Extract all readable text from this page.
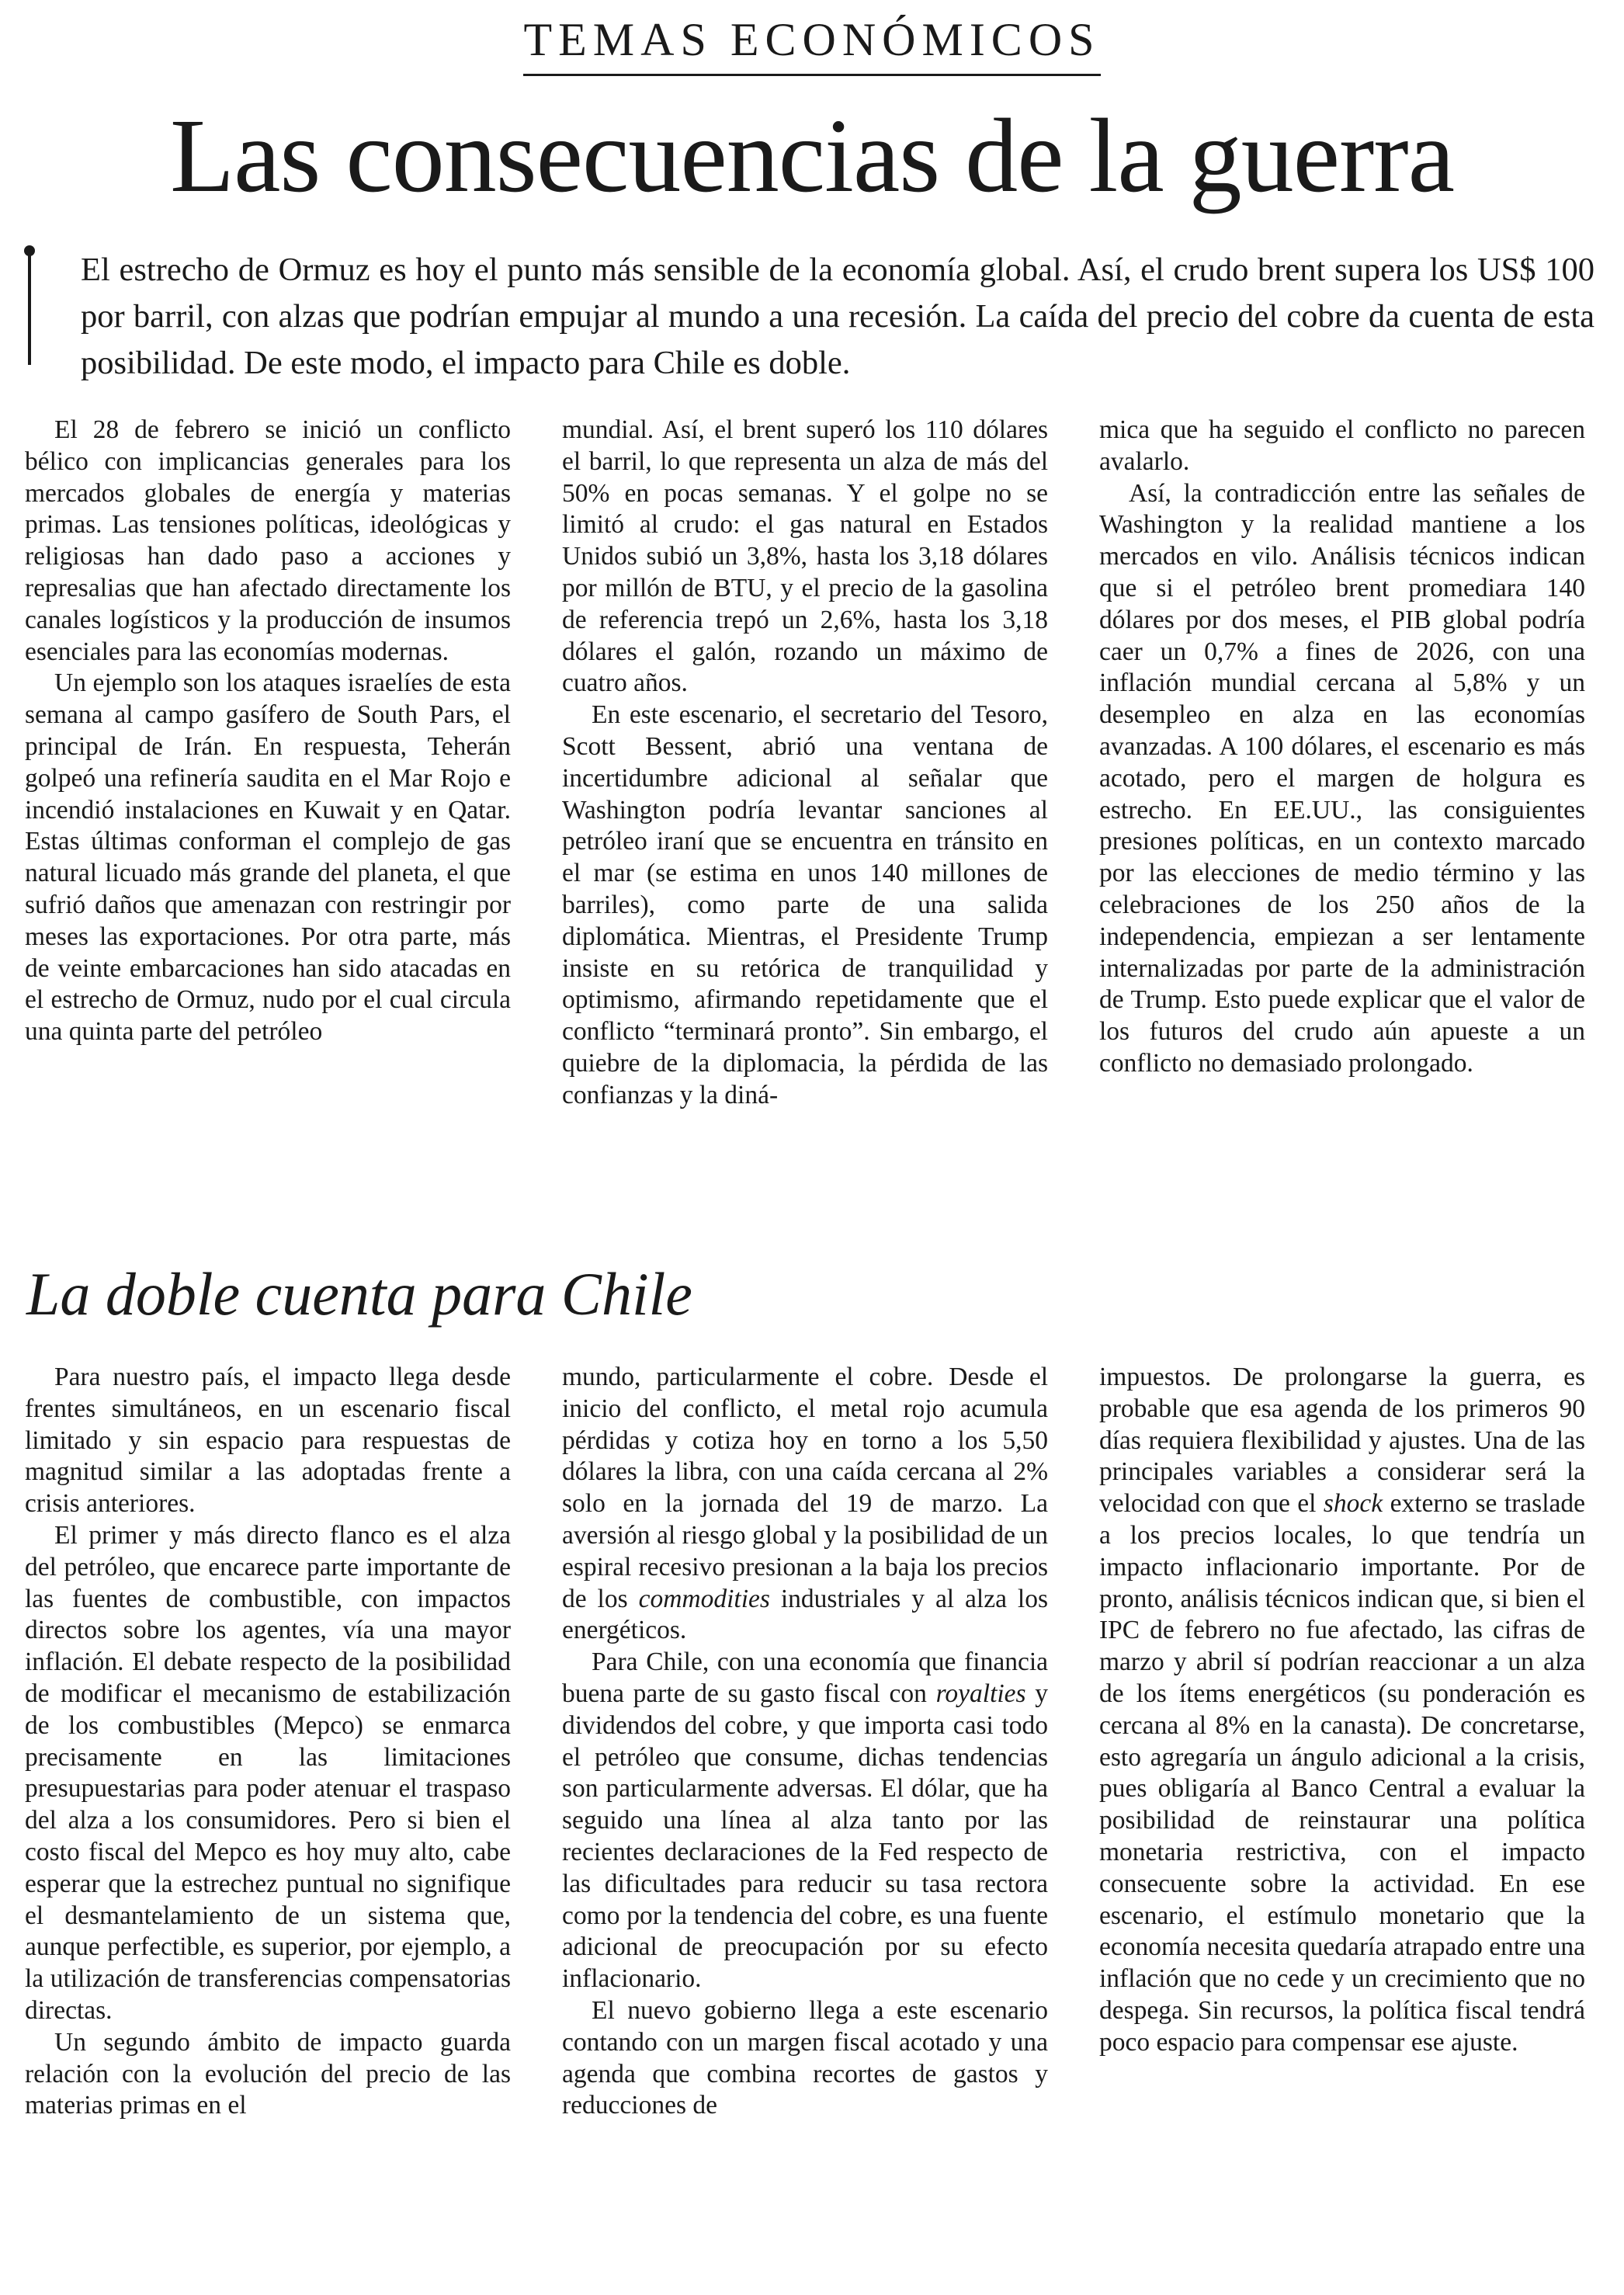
TEMAS ECONÓMICOS
Las consecuencias de la guerra

El estrecho de Ormuz es hoy el punto más sensible de la economía global. Así, el crudo brent supera los US$ 100 por barril, con alzas que podrían empujar al mundo a una recesión. La caída del precio del cobre da cuenta de esta posibilidad. De este modo, el impacto para Chile es doble.

El 28 de febrero se inició un conflicto bélico con implicancias generales para los mercados globales de energía y materias primas. Las tensiones políticas, ideológicas y religiosas han dado paso a acciones y represalias que han afectado directamente los canales logísticos y la producción de insumos esenciales para las economías modernas.

Un ejemplo son los ataques israelíes de esta semana al campo gasífero de South Pars, el principal de Irán. En respuesta, Teherán golpeó una refinería saudita en el Mar Rojo e incendió instalaciones en Kuwait y en Qatar. Estas últimas conforman el complejo de gas natural licuado más grande del planeta, el que sufrió daños que amenazan con restringir por meses las exportaciones. Por otra parte, más de veinte embarcaciones han sido atacadas en el estrecho de Ormuz, nudo por el cual circula una quinta parte del petróleo

mundial. Así, el brent superó los 110 dólares el barril, lo que representa un alza de más del 50% en pocas semanas. Y el golpe no se limitó al crudo: el gas natural en Estados Unidos subió un 3,8%, hasta los 3,18 dólares por millón de BTU, y el precio de la gasolina de referencia trepó un 2,6%, hasta los 3,18 dólares el galón, rozando un máximo de cuatro años.

En este escenario, el secretario del Tesoro, Scott Bessent, abrió una ventana de incertidumbre adicional al señalar que Washington podría levantar sanciones al petróleo iraní que se encuentra en tránsito en el mar (se estima en unos 140 millones de barriles), como parte de una salida diplomática. Mientras, el Presidente Trump insiste en su retórica de tranquilidad y optimismo, afirmando repetidamente que el conflicto “terminará pronto”. Sin embargo, el quiebre de la diplomacia, la pérdida de las confianzas y la diná-

mica que ha seguido el conflicto no parecen avalarlo.

Así, la contradicción entre las señales de Washington y la realidad mantiene a los mercados en vilo. Análisis técnicos indican que si el petróleo brent promediara 140 dólares por dos meses, el PIB global podría caer un 0,7% a fines de 2026, con una inflación mundial cercana al 5,8% y un desempleo en alza en las economías avanzadas. A 100 dólares, el escenario es más acotado, pero el margen de holgura es estrecho. En EE.UU., las consiguientes presiones políticas, en un contexto marcado por las elecciones de medio término y las celebraciones de los 250 años de la independencia, empiezan a ser lentamente internalizadas por parte de la administración de Trump. Esto puede explicar que el valor de los futuros del crudo aún apueste a un conflicto no demasiado prolongado.

La doble cuenta para Chile

Para nuestro país, el impacto llega desde frentes simultáneos, en un escenario fiscal limitado y sin espacio para respuestas de magnitud similar a las adoptadas frente a crisis anteriores.

El primer y más directo flanco es el alza del petróleo, que encarece parte importante de las fuentes de combustible, con impactos directos sobre los agentes, vía una mayor inflación. El debate respecto de la posibilidad de modificar el mecanismo de estabilización de los combustibles (Mepco) se enmarca precisamente en las limitaciones presupuestarias para poder atenuar el traspaso del alza a los consumidores. Pero si bien el costo fiscal del Mepco es hoy muy alto, cabe esperar que la estrechez puntual no signifique el desmantelamiento de un sistema que, aunque perfectible, es superior, por ejemplo, a la utilización de transferencias compensatorias directas.

Un segundo ámbito de impacto guarda relación con la evolución del precio de las materias primas en el

mundo, particularmente el cobre. Desde el inicio del conflicto, el metal rojo acumula pérdidas y cotiza hoy en torno a los 5,50 dólares la libra, con una caída cercana al 2% solo en la jornada del 19 de marzo. La aversión al riesgo global y la posibilidad de un espiral recesivo presionan a la baja los precios de los commodities industriales y al alza los energéticos.

Para Chile, con una economía que financia buena parte de su gasto fiscal con royalties y dividendos del cobre, y que importa casi todo el petróleo que consume, dichas tendencias son particularmente adversas. El dólar, que ha seguido una línea al alza tanto por las recientes declaraciones de la Fed respecto de las dificultades para reducir su tasa rectora como por la tendencia del cobre, es una fuente adicional de preocupación por su efecto inflacionario.

El nuevo gobierno llega a este escenario contando con un margen fiscal acotado y una agenda que combina recortes de gastos y reducciones de

impuestos. De prolongarse la guerra, es probable que esa agenda de los primeros 90 días requiera flexibilidad y ajustes. Una de las principales variables a considerar será la velocidad con que el shock externo se traslade a los precios locales, lo que tendría un impacto inflacionario importante. Por de pronto, análisis técnicos indican que, si bien el IPC de febrero no fue afectado, las cifras de marzo y abril sí podrían reaccionar a un alza de los ítems energéticos (su ponderación es cercana al 8% en la canasta). De concretarse, esto agregaría un ángulo adicional a la crisis, pues obligaría al Banco Central a evaluar la posibilidad de reinstaurar una política monetaria restrictiva, con el impacto consecuente sobre la actividad. En ese escenario, el estímulo monetario que la economía necesita quedaría atrapado entre una inflación que no cede y un crecimiento que no despega. Sin recursos, la política fiscal tendrá poco espacio para compensar ese ajuste.
